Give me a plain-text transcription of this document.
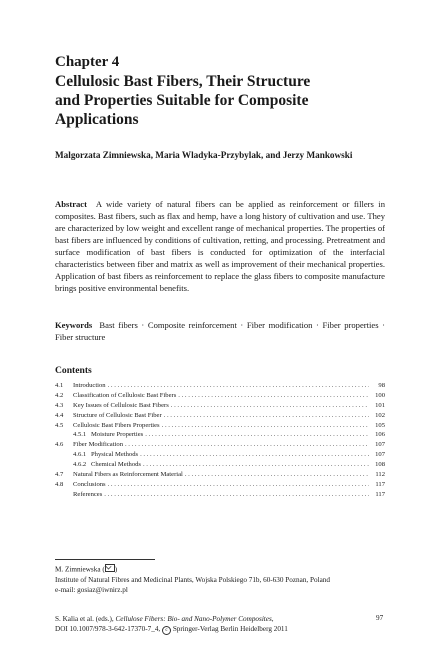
Chapter 4
Cellulosic Bast Fibers, Their Structure
and Properties Suitable for Composite
Applications
Malgorzata Zimniewska, Maria Wladyka-Przybylak, and Jerzy Mankowski
Abstract A wide variety of natural fibers can be applied as reinforcement or fillers in composites. Bast fibers, such as flax and hemp, have a long history of cultivation and use. They are characterized by low weight and excellent range of mechanical properties. The properties of bast fibers are influenced by conditions of cultivation, retting, and processing. Pretreatment and surface modification of bast fibers is conducted for optimization of the interfacial characteristics between fiber and matrix as well as improvement of their mechanical properties. Application of bast fibers as reinforcement to replace the glass fibers to composite manufacture brings positive environmental benefits.
Keywords Bast fibers · Composite reinforcement · Fiber modification · Fiber properties · Fiber structure
Contents
4.1	Introduction . . .	98
4.2	Classification of Cellulosic Bast Fibers . . .	100
4.3	Key Issues of Cellulosic Bast Fibers . . .	101
4.4	Structure of Cellulosic Bast Fiber . . .	102
4.5	Cellulosic Bast Fibers Properties . . .	105
4.5.1 Moisture Properties . . .	106
4.6	Fiber Modification . . .	107
4.6.1 Physical Methods . . .	107
4.6.2 Chemical Methods . . .	108
4.7	Natural Fibers as Reinforcement Material . . .	112
4.8	Conclusions . . .	117
References . . .	117
M. Zimniewska ( )
Institute of Natural Fibres and Medicinal Plants, Wojska Polskiego 71b, 60-630 Poznan, Poland
e-mail: gosiaz@iwnirz.pl
S. Kalia et al. (eds.), Cellulose Fibers: Bio- and Nano-Polymer Composites,
DOI 10.1007/978-3-642-17370-7_4, c Springer-Verlag Berlin Heidelberg 2011
97
